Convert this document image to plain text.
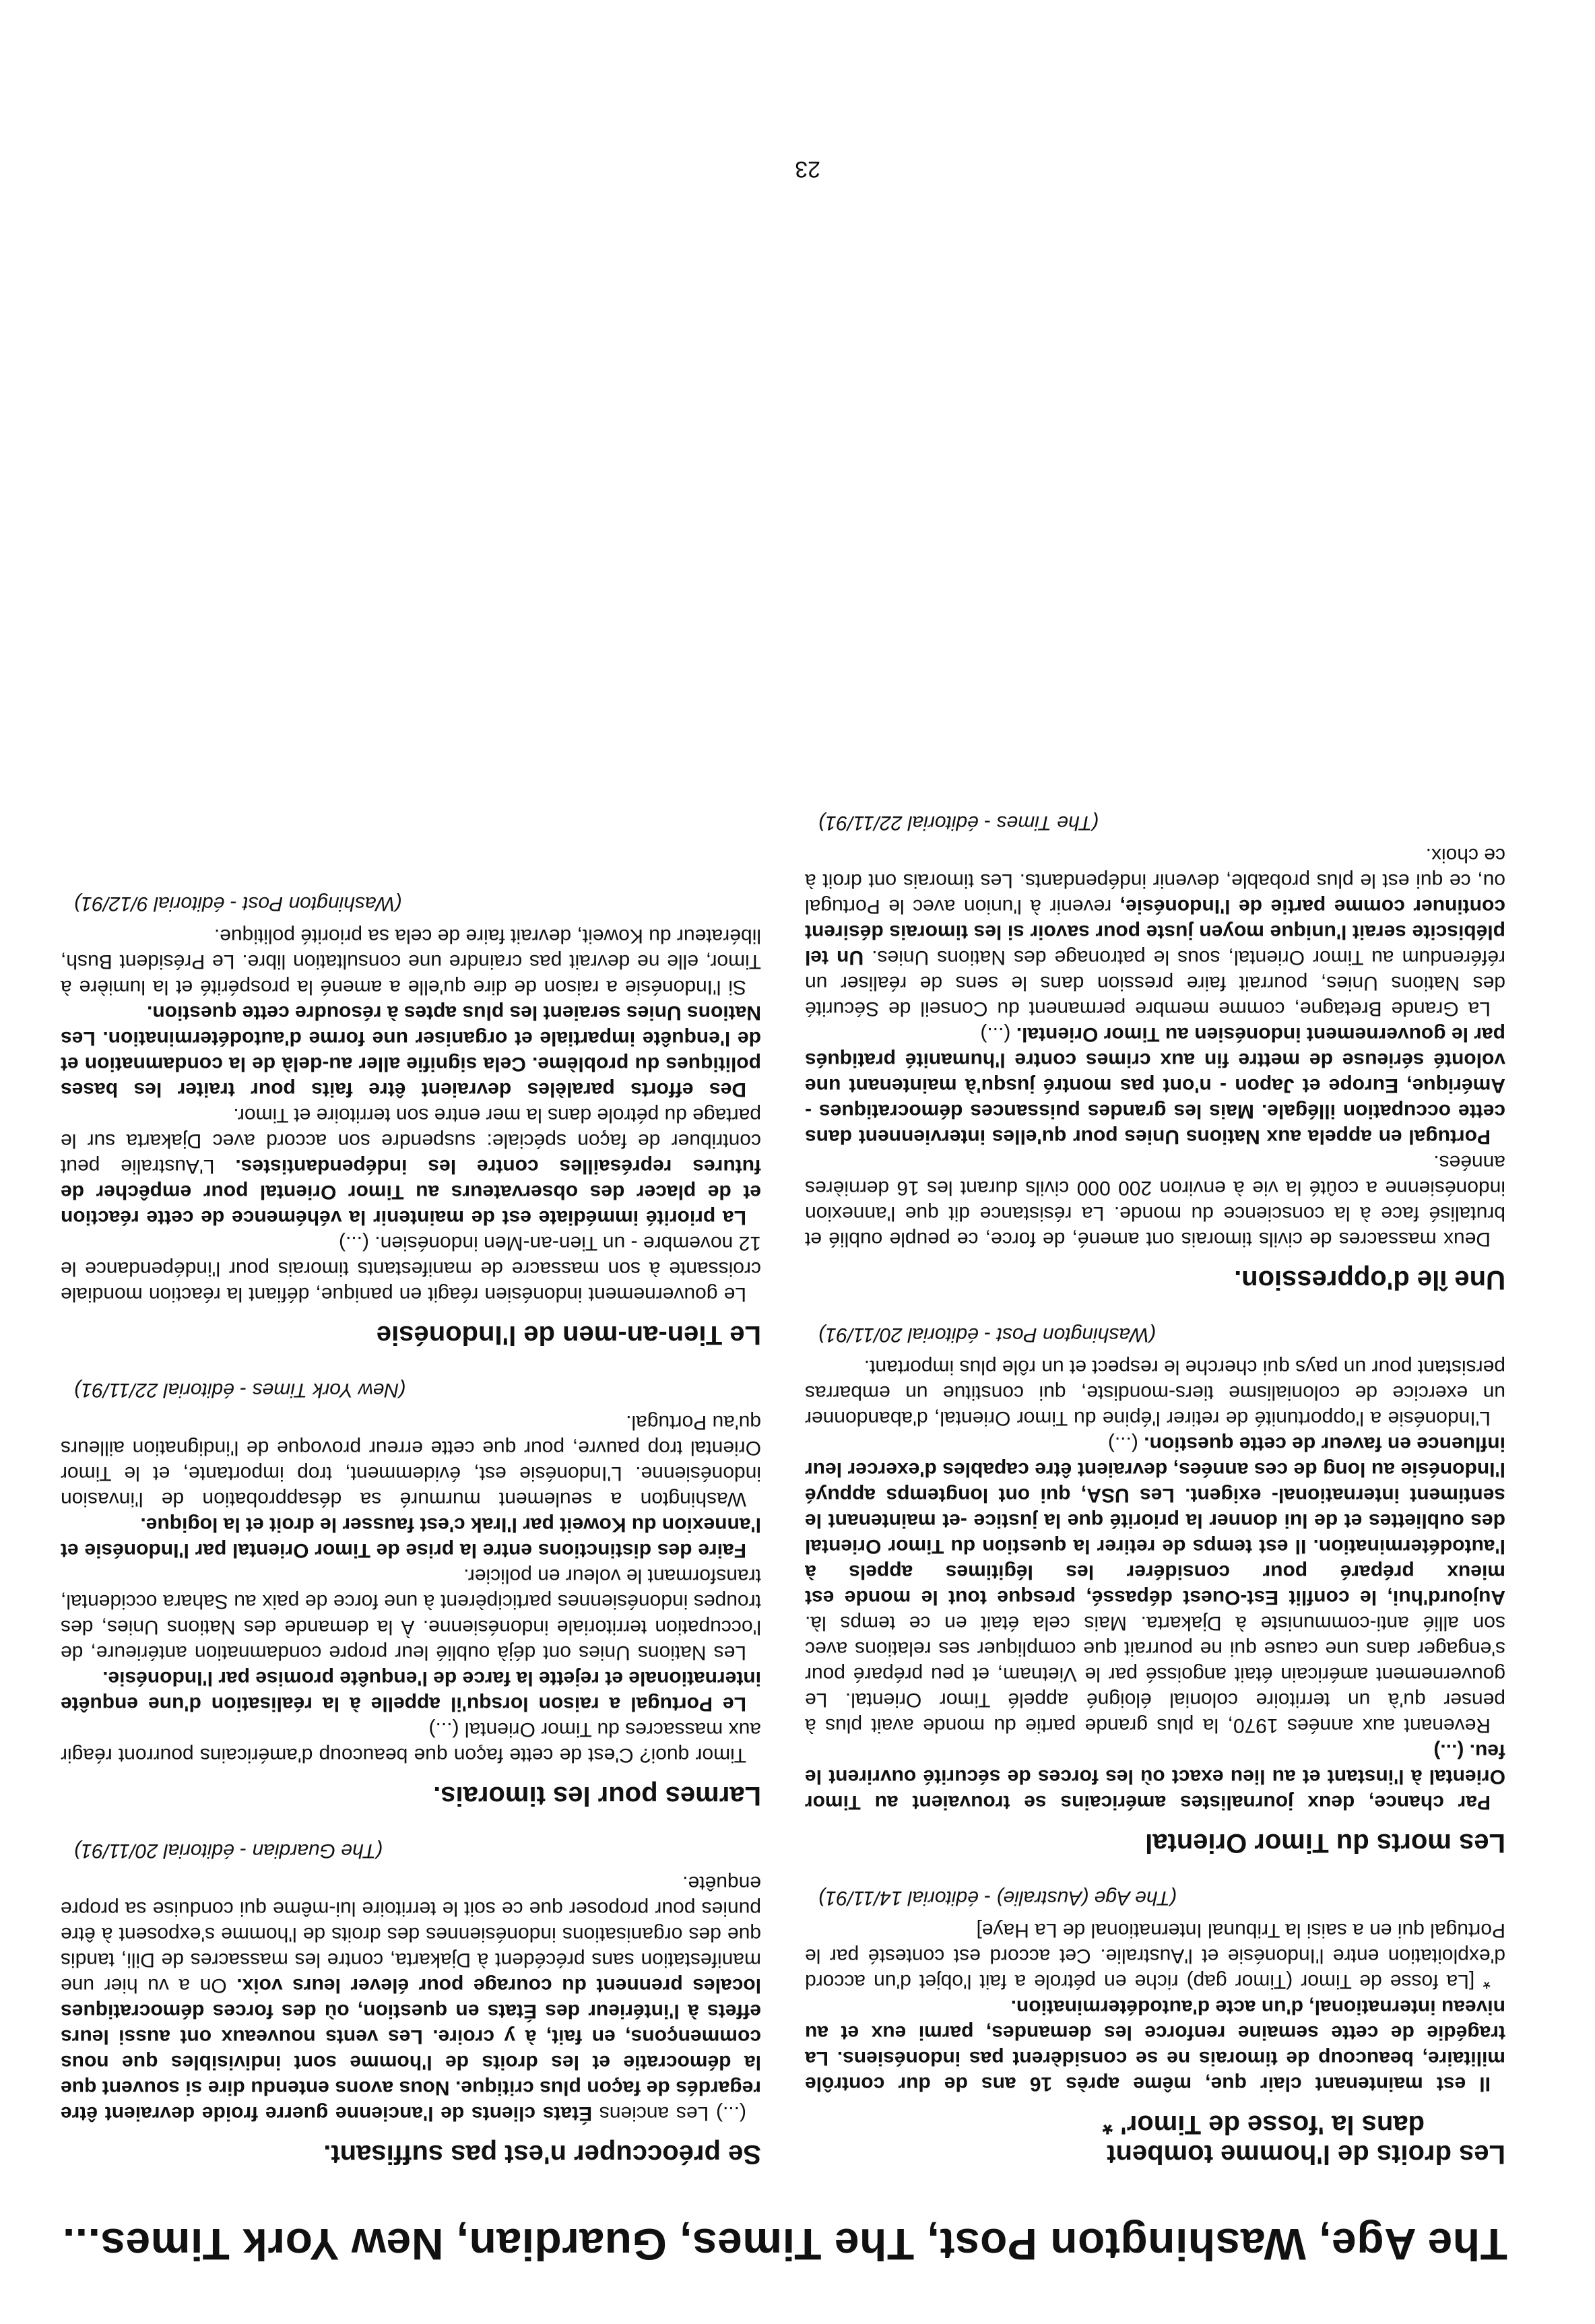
The Age, Washington Post, The Times, Guardian, New York Times...
Les droits de l'homme tombent
dans la 'fosse de Timor' *

Il est maintenant clair que, même après 16 ans de dur contrôle militaire, beaucoup de timorais ne se considèrent pas indonésiens. La tragédie de cette semaine renforce les demandes, parmi eux et au niveau international, d'un acte d'autodétermination.

* [La fosse de Timor (Timor gap) riche en pétrole a fait l'objet d'un accord d'exploitation entre l'Indonésie et l'Australie. Cet accord est contesté par le Portugal qui en a saisi la Tribunal International de La Haye]

(The Age (Australie) - éditorial 14/11/91)

Les morts du Timor Oriental

Par chance, deux journalistes américains se trouvaient au Timor Oriental à l'instant et au lieu exact où les forces de sécurité ouvrirent le feu. (...)

Revenant aux années 1970, la plus grande partie du monde avait plus à penser qu'à un territoire colonial éloigné appelé Timor Oriental. Le gouvernement américain était angoissé par le Vietnam, et peu préparé pour s'engager dans une cause qui ne pourrait que compliquer ses relations avec son allié anti-communiste à Djakarta. Mais cela était en ce temps là. Aujourd'hui, le conflit Est-Ouest dépassé, presque tout le monde est mieux préparé pour considérer les légitimes appels à l'autodétermination. Il est temps de retirer la question du Timor Oriental des oubliettes et de lui donner la priorité que la justice -et maintenant le sentiment international- exigent. Les USA, qui ont longtemps appuyé l'Indonésie au long de ces années, devraient être capables d'exercer leur influence en faveur de cette question. (...)

L'Indonésie a l'opportunité de retirer l'épine du Timor Oriental, d'abandonner un exercice de colonialisme tiers-mondiste, qui constitue un embarras persistant pour un pays qui cherche le respect et un rôle plus important.

(Washington Post - éditorial 20/11/91)

Une île d'oppression.

Deux massacres de civils timorais ont amené, de force, ce peuple oublié et brutalisé face à la conscience du monde. La résistance dit que l'annexion indonésienne a coûté la vie à environ 200 000 civils durant les 16 dernières années.

Portugal en appela aux Nations Unies pour qu'elles interviennent dans cette occupation illégale. Mais les grandes puissances démocratiques - Amérique, Europe et Japon - n'ont pas montré jusqu'à maintenant une volonté sérieuse de mettre fin aux crimes contre l'humanité pratiqués par le gouvernement indonésien au Timor Oriental. (...)

La Grande Bretagne, comme membre permanent du Conseil de Sécurité des Nations Unies, pourrait faire pression dans le sens de réaliser un référendum au Timor Oriental, sous le patronage des Nations Unies. Un tel plébiscite serait l'unique moyen juste pour savoir si les timorais désirent continuer comme partie de l'Indonésie, revenir à l'union avec le Portugal ou, ce qui est le plus probable, devenir indépendants. Les timorais ont droit à ce choix.

(The Times - éditorial 22/11/91)

Se préoccuper n'est pas suffisant.

(...) Les anciens États clients de l'ancienne guerre froide devraient être regardés de façon plus critique. Nous avons entendu dire si souvent que la démocratie et les droits de l'homme sont indivisibles que nous commençons, en fait, à y croire. Les vents nouveaux ont aussi leurs effets à l'intérieur des États en question, où des forces démocratiques locales prennent du courage pour élever leurs voix. On a vu hier une manifestation sans précédent à Djakarta, contre les massacres de Dili, tandis que des organisations indonésiennes des droits de l'homme s'exposent à être punies pour proposer que ce soit le territoire lui-même qui conduise sa propre enquête.

(The Guardian - éditorial 20/11/91)

Larmes pour les timorais.

Timor quoi? C'est de cette façon que beaucoup d'américains pourront réagir aux massacres du Timor Oriental (...)

Le Portugal a raison lorsqu'il appelle à la réalisation d'une enquête internationale et rejette la farce de l'enquête promise par l'Indonésie.

Les Nations Unies ont déjà oublié leur propre condamnation antérieure, de l'occupation territoriale indonésienne. À la demande des Nations Unies, des troupes indonésiennes participèrent à une force de paix au Sahara occidental, transformant le voleur en policier.

Faire des distinctions entre la prise de Timor Oriental par l'Indonésie et l'annexion du Koweit par l'Irak c'est fausser le droit et la logique.

Washington a seulement murmuré sa désapprobation de l'invasion indonésienne. L'Indonésie est, évidemment, trop importante, et le Timor Oriental trop pauvre, pour que cette erreur provoque de l'indignation ailleurs qu'au Portugal.

(New York Times - éditorial 22/11/91)

Le Tien-an-men de l'Indonésie

Le gouvernement indonésien réagit en panique, défiant la réaction mondiale croissante à son massacre de manifestants timorais pour l'indépendance le 12 novembre - un Tien-an-Men indonésien. (...)

La priorité immédiate est de maintenir la véhémence de cette réaction et de placer des observateurs au Timor Oriental pour empêcher de futures représailles contre les indépendantistes. L'Australie peut contribuer de façon spéciale: suspendre son accord avec Djakarta sur le partage du pétrole dans la mer entre son territoire et Timor.

Des efforts paralèles devraient être faits pour traiter les bases politiques du problème. Cela signifie aller au-delà de la condamnation et de l'enquête impartiale et organiser une forme d'autodétermination. Les Nations Unies seraient les plus aptes à résoudre cette question.

Si l'Indonésie a raison de dire qu'elle a amené la prospérité et la lumière à Timor, elle ne devrait pas craindre une consultation libre. Le Président Bush, libérateur du Koweit, devrait faire de cela sa priorité politique.

(Washington Post - éditorial 9/12/91)

23
